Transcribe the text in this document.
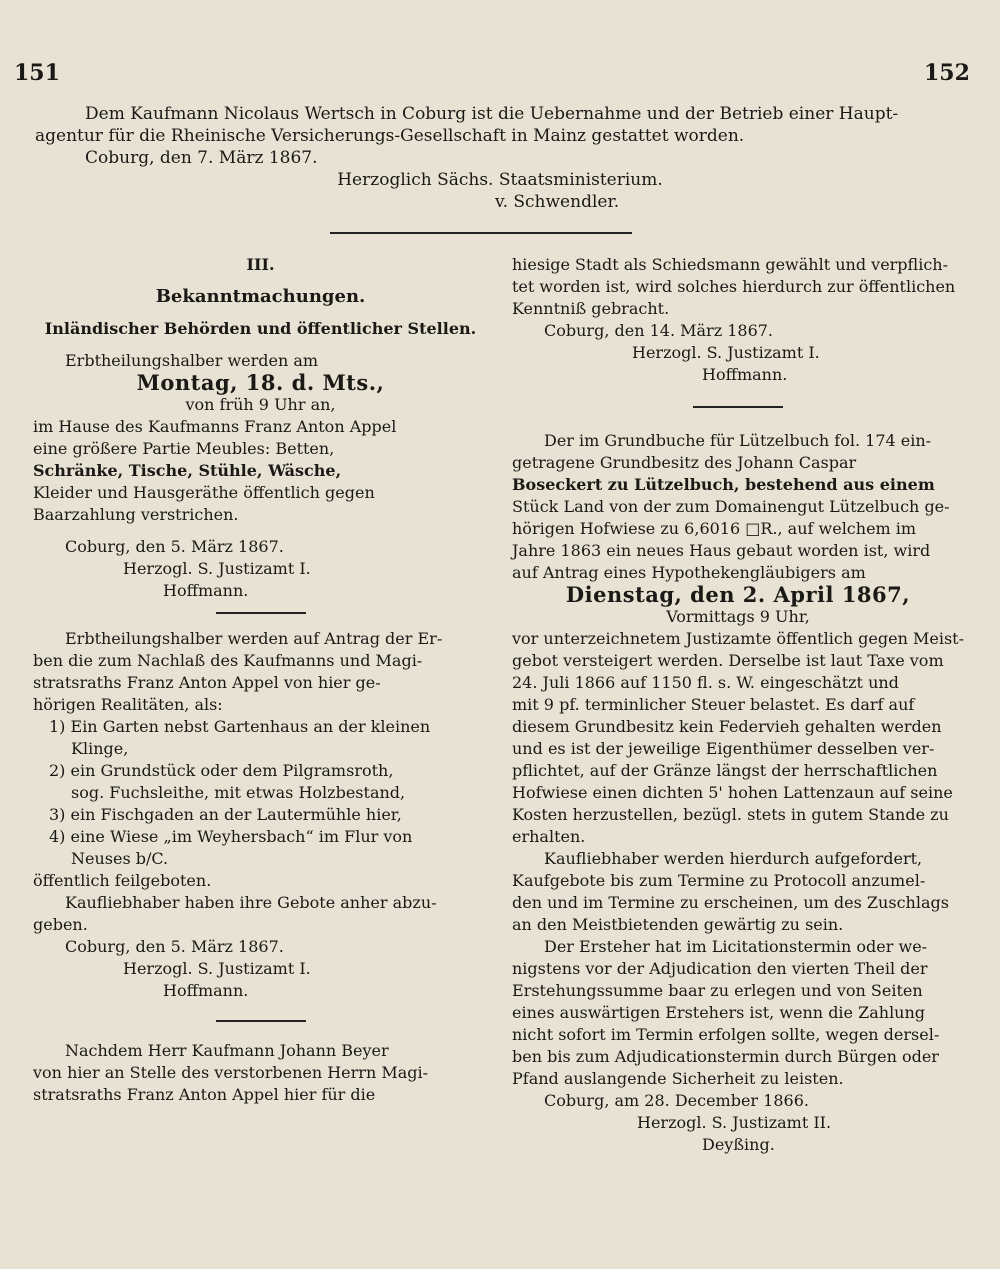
151	152

Dem Kaufmann Nicolaus Wertsch in Coburg ist die Uebernahme und der Betrieb einer Haupt-

agentur für die Rheinische Versicherungs-Gesellschaft in Mainz gestattet worden.

Coburg, den 7. März 1867.

Herzoglich Sächs. Staatsministerium.

v. Schwendler.

III.

Bekanntmachungen.

Inländischer Behörden und öffentlicher Stellen.

Erbtheilungshalber werden am

Montag, 18. d. Mts.,

von früh 9 Uhr an,

im Hause des Kaufmanns Franz Anton Appel

eine größere Partie Meubles: Betten,

Schränke, Tische, Stühle, Wäsche,

Kleider und Hausgeräthe öffentlich gegen

Baarzahlung verstrichen.

Coburg, den 5. März 1867.

Herzogl. S. Justizamt I.

Hoffmann.

Erbtheilungshalber werden auf Antrag der Er-

ben die zum Nachlaß des Kaufmanns und Magi-

stratsraths Franz Anton Appel von hier ge-

hörigen Realitäten, als:

1) Ein Garten nebst Gartenhaus an der kleinen

Klinge,

2) ein Grundstück oder dem Pilgramsroth,

sog. Fuchsleithe, mit etwas Holzbestand,

3) ein Fischgaden an der Lautermühle hier,

4) eine Wiese „im Weyhersbach“ im Flur von

Neuses b/C.

öffentlich feilgeboten.

Kaufliebhaber haben ihre Gebote anher abzu-

geben.

Coburg, den 5. März 1867.

Herzogl. S. Justizamt I.

Hoffmann.

Nachdem Herr Kaufmann Johann Beyer

von hier an Stelle des verstorbenen Herrn Magi-

stratsraths Franz Anton Appel hier für die

hiesige Stadt als Schiedsmann gewählt und verpflich-

tet worden ist, wird solches hierdurch zur öffentlichen

Kenntniß gebracht.

Coburg, den 14. März 1867.

Herzogl. S. Justizamt I.

Hoffmann.

Der im Grundbuche für Lützelbuch fol. 174 ein-

getragene Grundbesitz des Johann Caspar

Boseckert zu Lützelbuch, bestehend aus einem

Stück Land von der zum Domainengut Lützelbuch ge-

hörigen Hofwiese zu 6,6016 □R., auf welchem im

Jahre 1863 ein neues Haus gebaut worden ist, wird

auf Antrag eines Hypothekengläubigers am

Dienstag, den 2. April 1867,

Vormittags 9 Uhr,

vor unterzeichnetem Justizamte öffentlich gegen Meist-

gebot versteigert werden. Derselbe ist laut Taxe vom

24. Juli 1866 auf 1150 fl. s. W. eingeschätzt und

mit 9 pf. terminlicher Steuer belastet. Es darf auf

diesem Grundbesitz kein Federvieh gehalten werden

und es ist der jeweilige Eigenthümer desselben ver-

pflichtet, auf der Gränze längst der herrschaftlichen

Hofwiese einen dichten 5' hohen Lattenzaun auf seine

Kosten herzustellen, bezügl. stets in gutem Stande zu

erhalten.

Kaufliebhaber werden hierdurch aufgefordert,

Kaufgebote bis zum Termine zu Protocoll anzumel-

den und im Termine zu erscheinen, um des Zuschlags

an den Meistbietenden gewärtig zu sein.

Der Ersteher hat im Licitationstermin oder we-

nigstens vor der Adjudication den vierten Theil der

Erstehungssumme baar zu erlegen und von Seiten

eines auswärtigen Erstehers ist, wenn die Zahlung

nicht sofort im Termin erfolgen sollte, wegen dersel-

ben bis zum Adjudicationstermin durch Bürgen oder

Pfand auslangende Sicherheit zu leisten.

Coburg, am 28. December 1866.

Herzogl. S. Justizamt II.

Deyßing.
